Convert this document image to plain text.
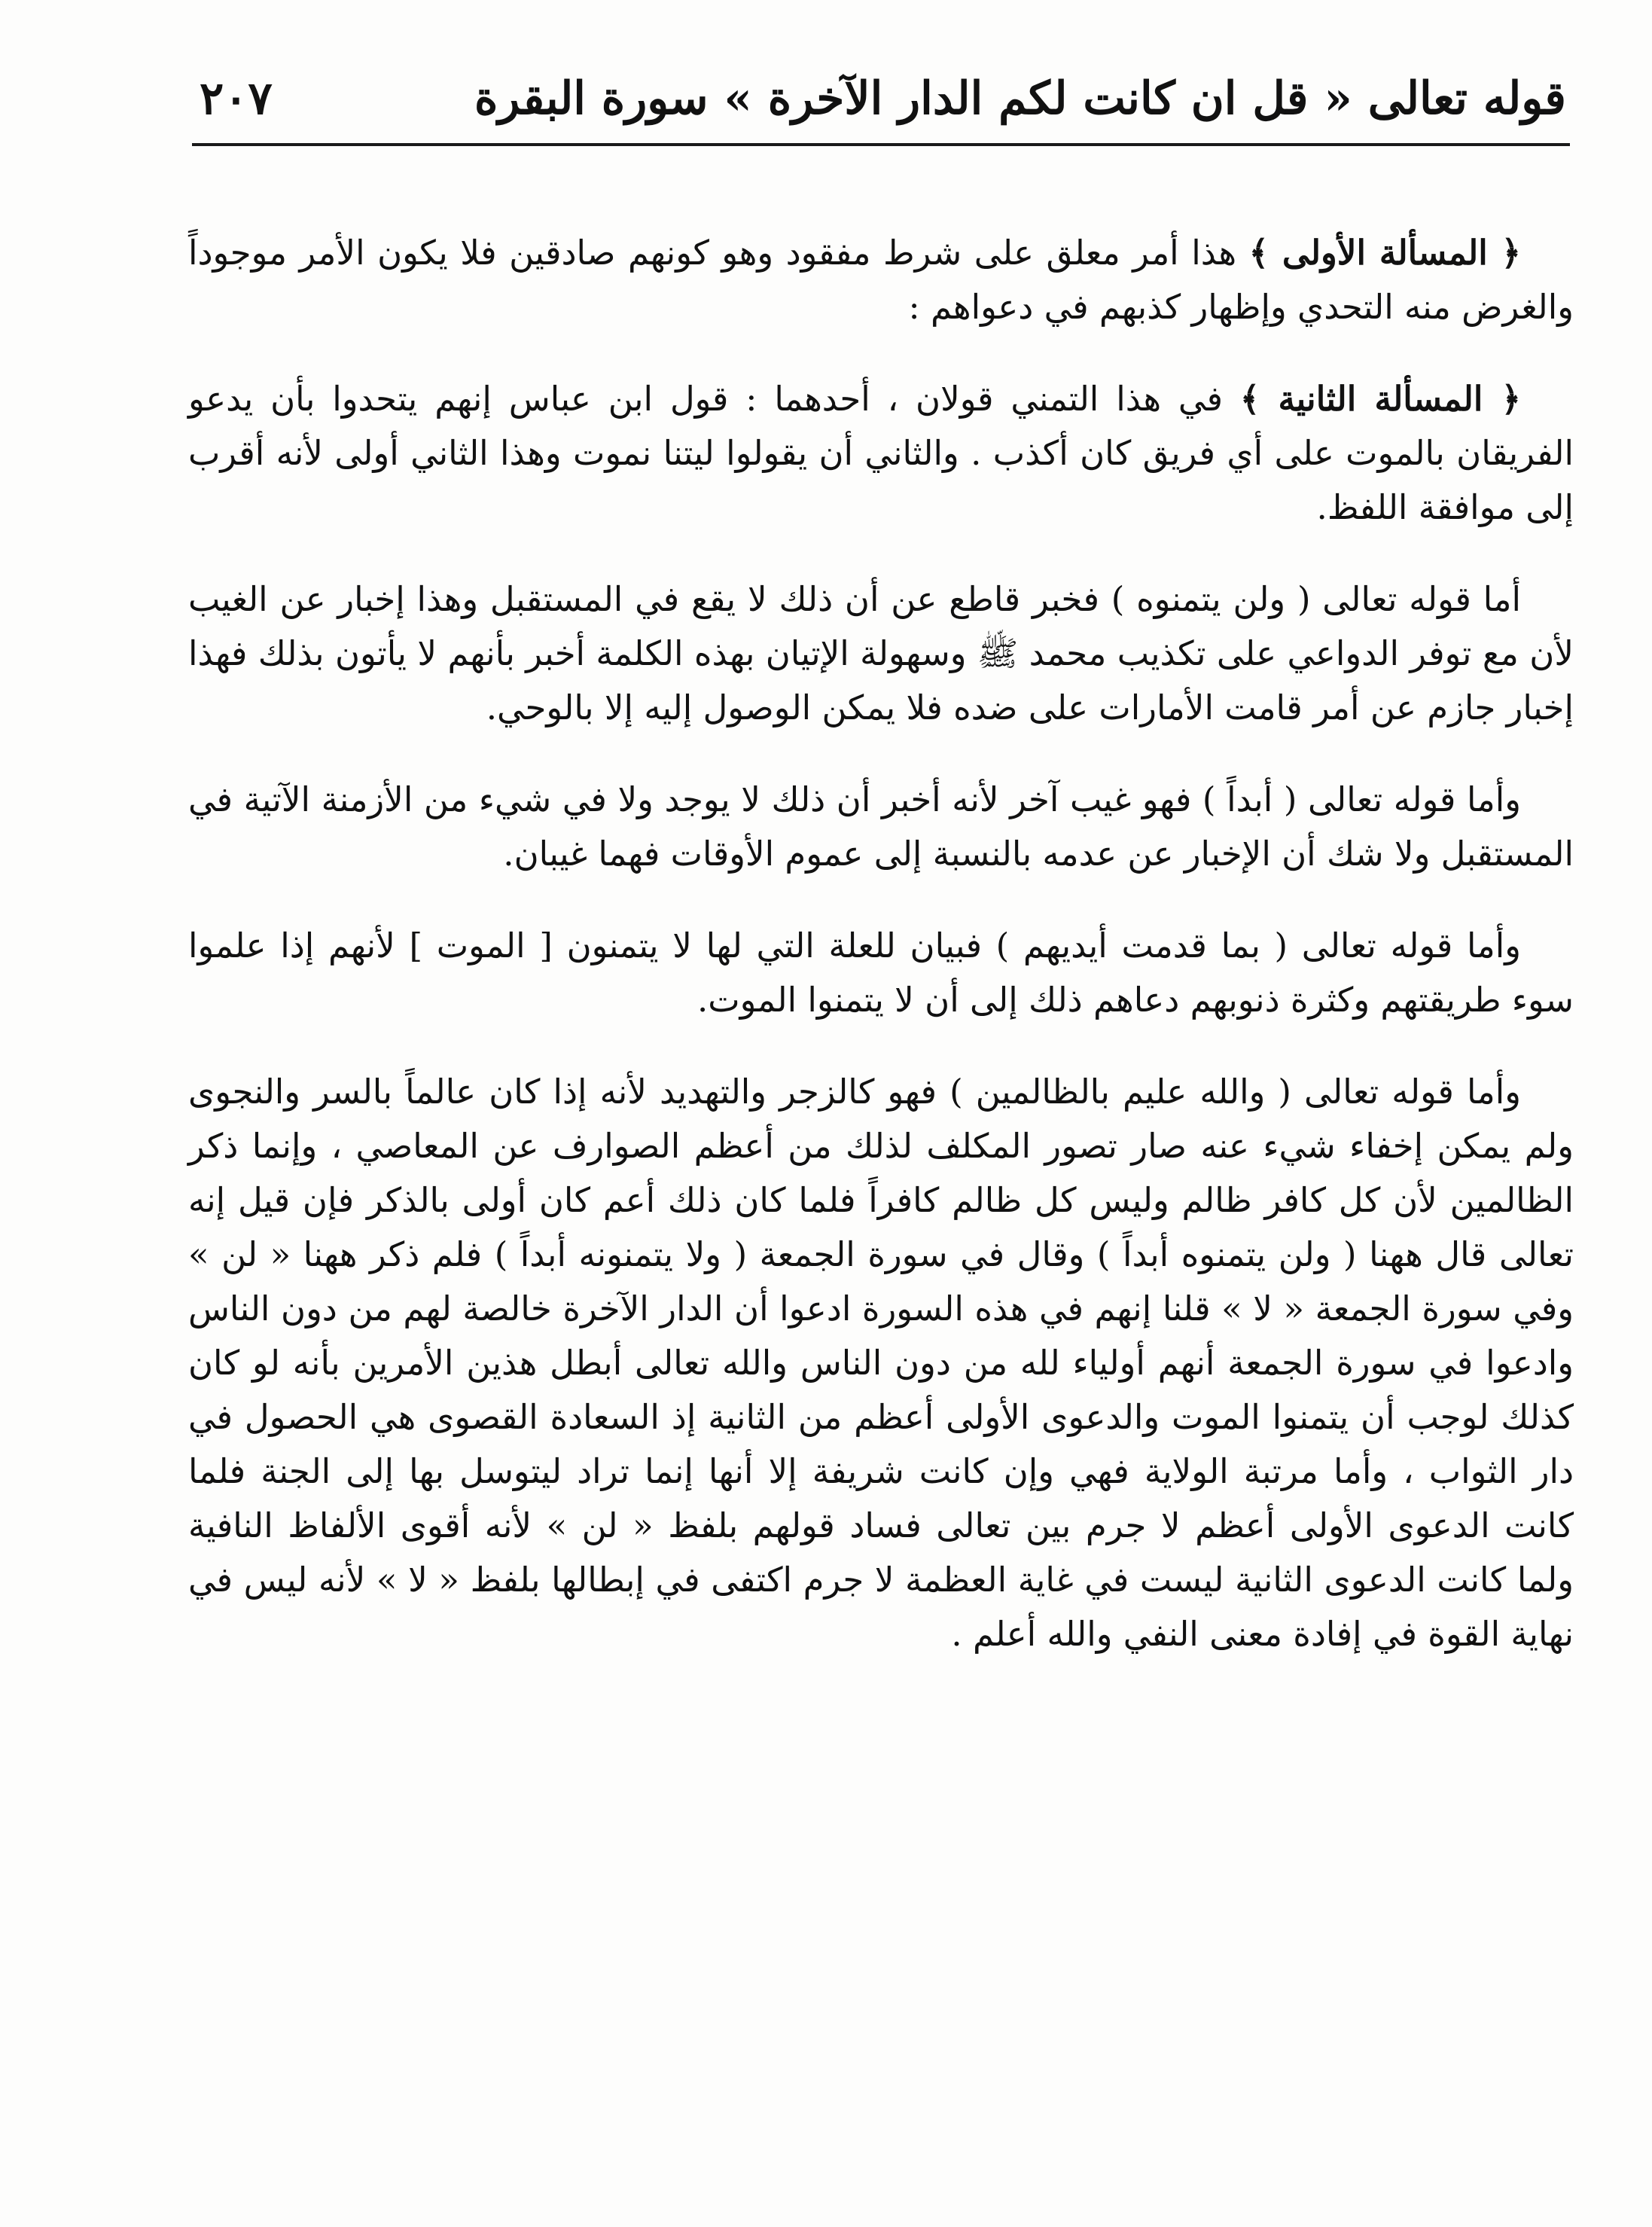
قوله تعالى « قل ان كانت لكم الدار الآخرة » سورة البقرة
٢٠٧

﴿ المسألة الأولى ﴾ هذا أمر معلق على شرط مفقود وهو كونهم صادقين فلا يكون الأمر موجوداً والغرض منه التحدي وإظهار كذبهم في دعواهم :

﴿ المسألة الثانية ﴾ في هذا التمني قولان ، أحدهما : قول ابن عباس إنهم يتحدوا بأن يدعو الفريقان بالموت على أي فريق كان أكذب . والثاني أن يقولوا ليتنا نموت وهذا الثاني أولى لأنه أقرب إلى موافقة اللفظ.

أما قوله تعالى ( ولن يتمنوه ) فخبر قاطع عن أن ذلك لا يقع في المستقبل وهذا إخبار عن الغيب لأن مع توفر الدواعي على تكذيب محمد ﷺ وسهولة الإتيان بهذه الكلمة أخبر بأنهم لا يأتون بذلك فهذا إخبار جازم عن أمر قامت الأمارات على ضده فلا يمكن الوصول إليه إلا بالوحي.

وأما قوله تعالى ( أبداً ) فهو غيب آخر لأنه أخبر أن ذلك لا يوجد ولا في شيء من الأزمنة الآتية في المستقبل ولا شك أن الإخبار عن عدمه بالنسبة إلى عموم الأوقات فهما غيبان.

وأما قوله تعالى ( بما قدمت أيديهم ) فبيان للعلة التي لها لا يتمنون [ الموت ] لأنهم إذا علموا سوء طريقتهم وكثرة ذنوبهم دعاهم ذلك إلى أن لا يتمنوا الموت.

وأما قوله تعالى ( والله عليم بالظالمين ) فهو كالزجر والتهديد لأنه إذا كان عالماً بالسر والنجوى ولم يمكن إخفاء شيء عنه صار تصور المكلف لذلك من أعظم الصوارف عن المعاصي ، وإنما ذكر الظالمين لأن كل كافر ظالم وليس كل ظالم كافراً فلما كان ذلك أعم كان أولى بالذكر فإن قيل إنه تعالى قال ههنا ( ولن يتمنوه أبداً ) وقال في سورة الجمعة ( ولا يتمنونه أبداً ) فلم ذكر ههنا « لن » وفي سورة الجمعة « لا » قلنا إنهم في هذه السورة ادعوا أن الدار الآخرة خالصة لهم من دون الناس وادعوا في سورة الجمعة أنهم أولياء لله من دون الناس والله تعالى أبطل هذين الأمرين بأنه لو كان كذلك لوجب أن يتمنوا الموت والدعوى الأولى أعظم من الثانية إذ السعادة القصوى هي الحصول في دار الثواب ، وأما مرتبة الولاية فهي وإن كانت شريفة إلا أنها إنما تراد ليتوسل بها إلى الجنة فلما كانت الدعوى الأولى أعظم لا جرم بين تعالى فساد قولهم بلفظ « لن » لأنه أقوى الألفاظ النافية ولما كانت الدعوى الثانية ليست في غاية العظمة لا جرم اكتفى في إبطالها بلفظ « لا » لأنه ليس في نهاية القوة في إفادة معنى النفي والله أعلم .
